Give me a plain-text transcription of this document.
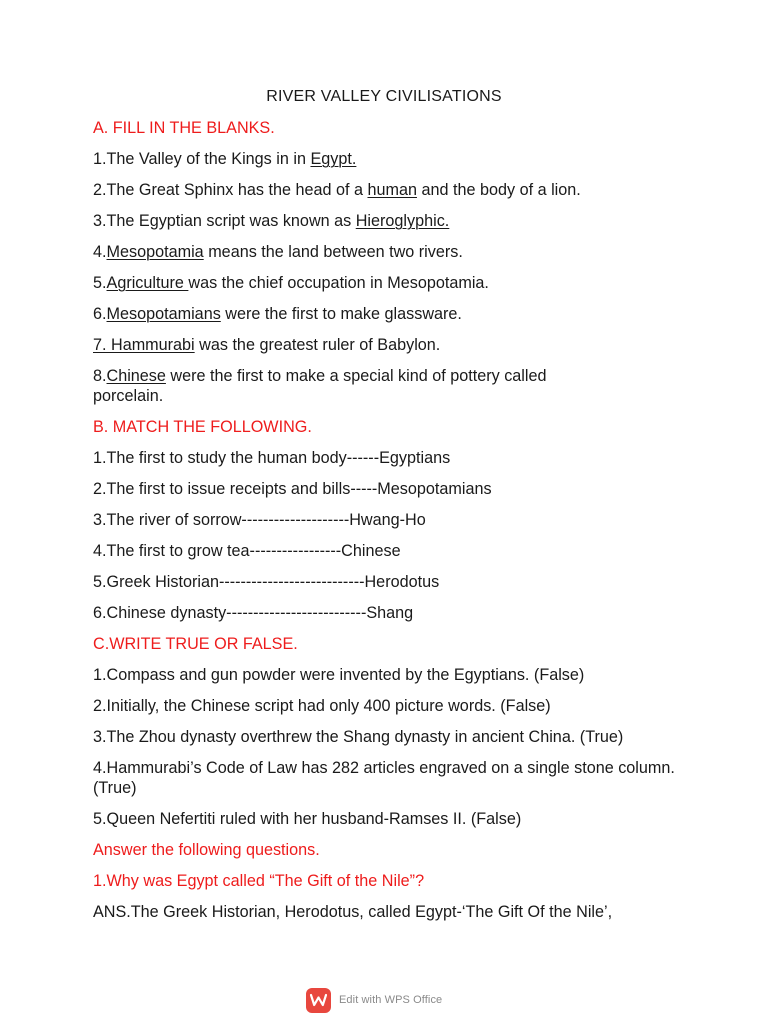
RIVER VALLEY CIVILISATIONS
A. FILL IN THE BLANKS.
1.The Valley of the Kings in in Egypt.
2.The Great Sphinx has the head of a human and the body of a lion.
3.The Egyptian script was known as Hieroglyphic.
4.Mesopotamia means the land between two rivers.
5.Agriculture was the chief occupation in Mesopotamia.
6.Mesopotamians were the first to make glassware.
7. Hammurabi was the greatest ruler of Babylon.
8.Chinese were the first to make a special kind of pottery called porcelain.
B. MATCH THE FOLLOWING.
1.The first to study the human body------Egyptians
2.The first to issue receipts and bills-----Mesopotamians
3.The river of sorrow--------------------Hwang-Ho
4.The first to grow tea-----------------Chinese
5.Greek Historian---------------------------Herodotus
6.Chinese dynasty--------------------------Shang
C.WRITE TRUE OR FALSE.
1.Compass and gun powder were invented by the Egyptians. (False)
2.Initially, the Chinese script had only 400 picture words. (False)
3.The Zhou dynasty overthrew the Shang dynasty in ancient China. (True)
4.Hammurabi’s Code of Law has 282 articles engraved on a single stone column. (True)
5.Queen Nefertiti ruled with her husband-Ramses II. (False)
Answer the following questions.
1.Why was Egypt called “The Gift of the Nile”?
ANS.The Greek Historian, Herodotus, called Egypt-‘The Gift Of the Nile’,
Edit with WPS Office
